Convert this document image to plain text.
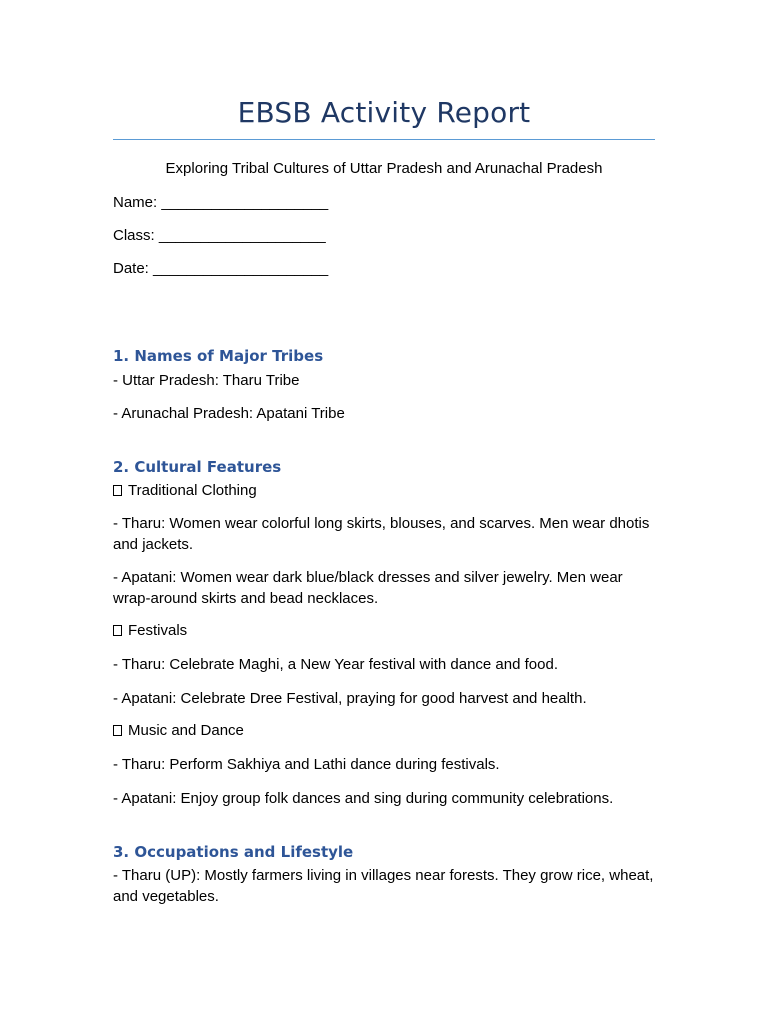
EBSB Activity Report
Exploring Tribal Cultures of Uttar Pradesh and Arunachal Pradesh
Name: ____________________
Class: ____________________
Date: _____________________
1. Names of Major Tribes
- Uttar Pradesh: Tharu Tribe
- Arunachal Pradesh: Apatani Tribe
2. Cultural Features
Traditional Clothing
- Tharu: Women wear colorful long skirts, blouses, and scarves. Men wear dhotis and jackets.
- Apatani: Women wear dark blue/black dresses and silver jewelry. Men wear wrap-around skirts and bead necklaces.
Festivals
- Tharu: Celebrate Maghi, a New Year festival with dance and food.
- Apatani: Celebrate Dree Festival, praying for good harvest and health.
Music and Dance
- Tharu: Perform Sakhiya and Lathi dance during festivals.
- Apatani: Enjoy group folk dances and sing during community celebrations.
3. Occupations and Lifestyle
- Tharu (UP): Mostly farmers living in villages near forests. They grow rice, wheat, and vegetables.
